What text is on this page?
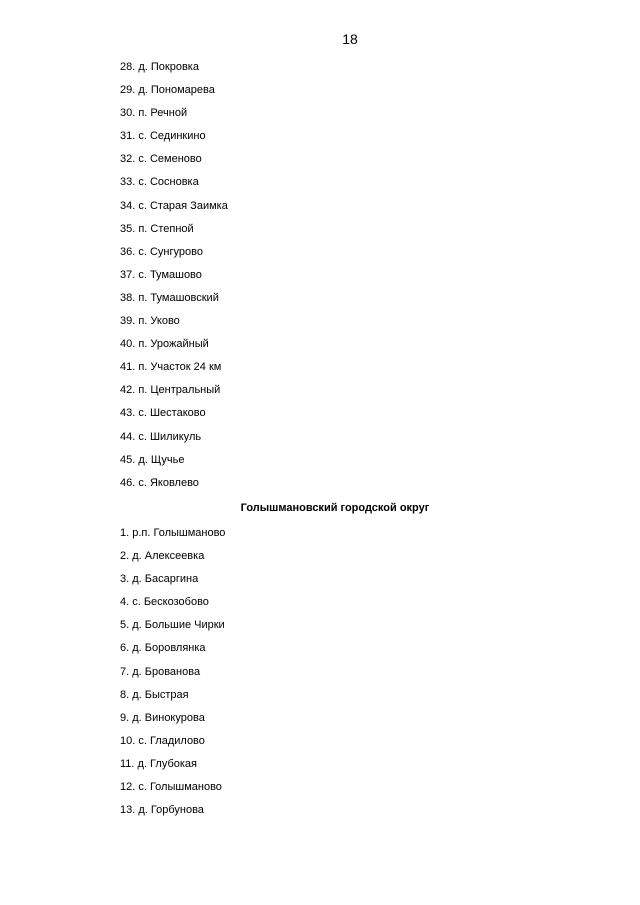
18
28. д. Покровка
29. д. Пономарева
30. п. Речной
31. с. Сединкино
32. с. Семеново
33. с. Сосновка
34. с. Старая Заимка
35. п. Степной
36. с. Сунгурово
37. с. Тумашово
38. п. Тумашовский
39. п. Уково
40. п. Урожайный
41. п. Участок 24 км
42. п. Центральный
43. с. Шестаково
44. с. Шиликуль
45. д. Щучье
46. с. Яковлево
Голышмановский городской округ
1. р.п. Голышманово
2. д. Алексеевка
3. д. Басаргина
4. с. Бескозобово
5. д. Большие Чирки
6. д. Боровлянка
7. д. Брованова
8. д. Быстрая
9. д. Винокурова
10. с. Гладилово
11. д. Глубокая
12. с. Голышманово
13. д. Горбунова
